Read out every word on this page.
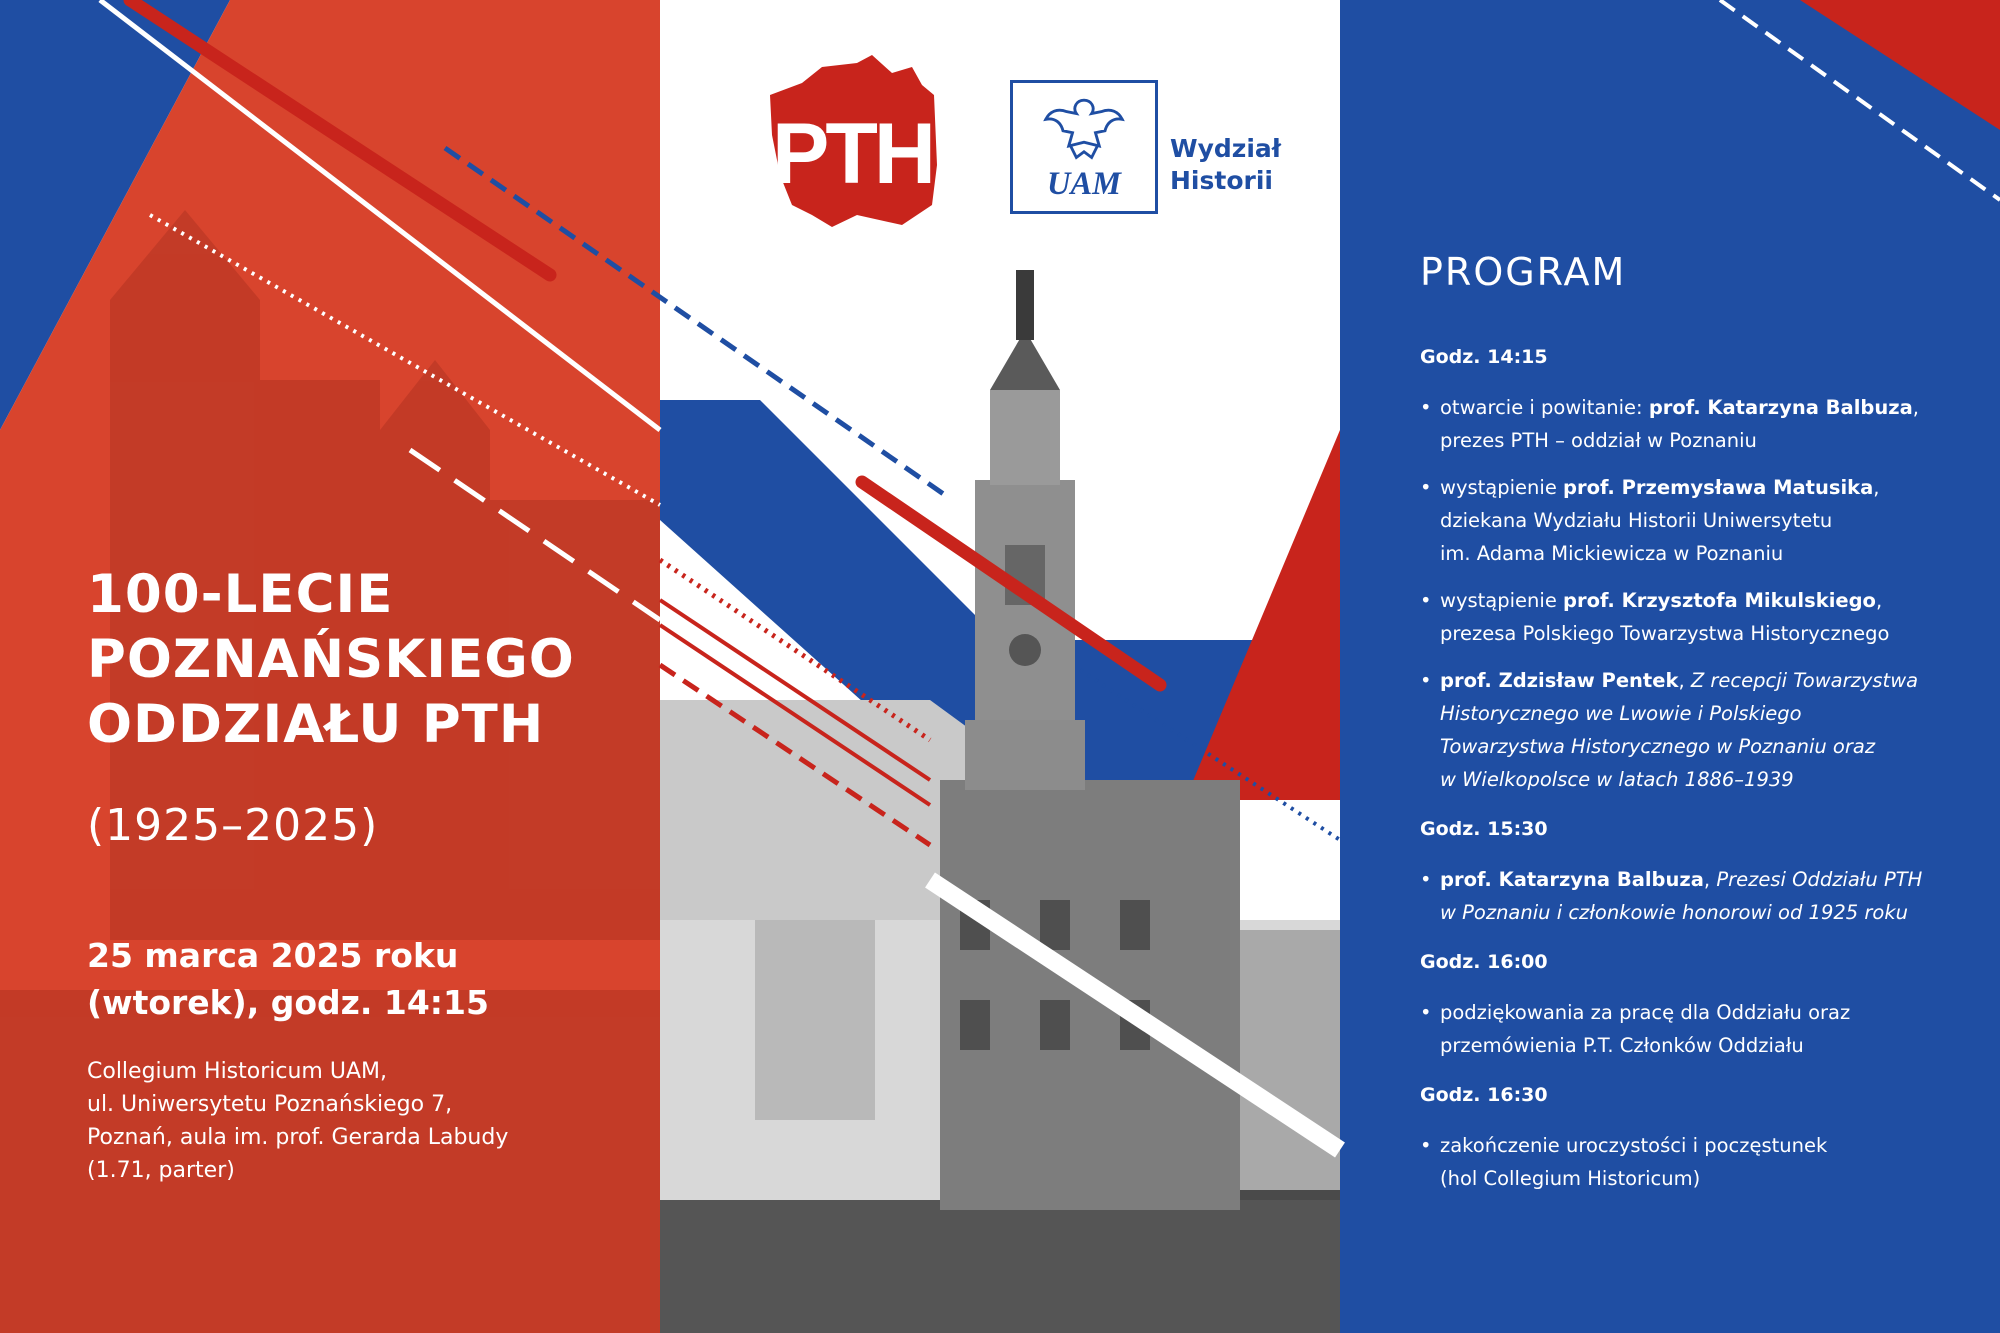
PTH	UAM
Wydział
Historii
100-LECIE
POZNAŃSKIEGO
ODDZIAŁU PTH
(1925–2025)
25 marca 2025 roku
(wtorek), godz. 14:15
Collegium Historicum UAM,
ul. Uniwersytetu Poznańskiego 7,
Poznań, aula im. prof. Gerarda Labudy
(1.71, parter)
PROGRAM
Godz. 14:15
• otwarcie i powitanie: prof. Katarzyna Balbuza,
prezes PTH – oddział w Poznaniu
• wystąpienie prof. Przemysława Matusika,
dziekana Wydziału Historii Uniwersytetu
im. Adama Mickiewicza w Poznaniu
• wystąpienie prof. Krzysztofa Mikulskiego,
prezesa Polskiego Towarzystwa Historycznego
• prof. Zdzisław Pentek, Z recepcji Towarzystwa
Historycznego we Lwowie i Polskiego
Towarzystwa Historycznego w Poznaniu oraz
w Wielkopolsce w latach 1886–1939
Godz. 15:30
• prof. Katarzyna Balbuza, Prezesi Oddziału PTH
w Poznaniu i członkowie honorowi od 1925 roku
Godz. 16:00
• podziękowania za pracę dla Oddziału oraz
przemówienia P.T. Członków Oddziału
Godz. 16:30
• zakończenie uroczystości i poczęstunek
(hol Collegium Historicum)
